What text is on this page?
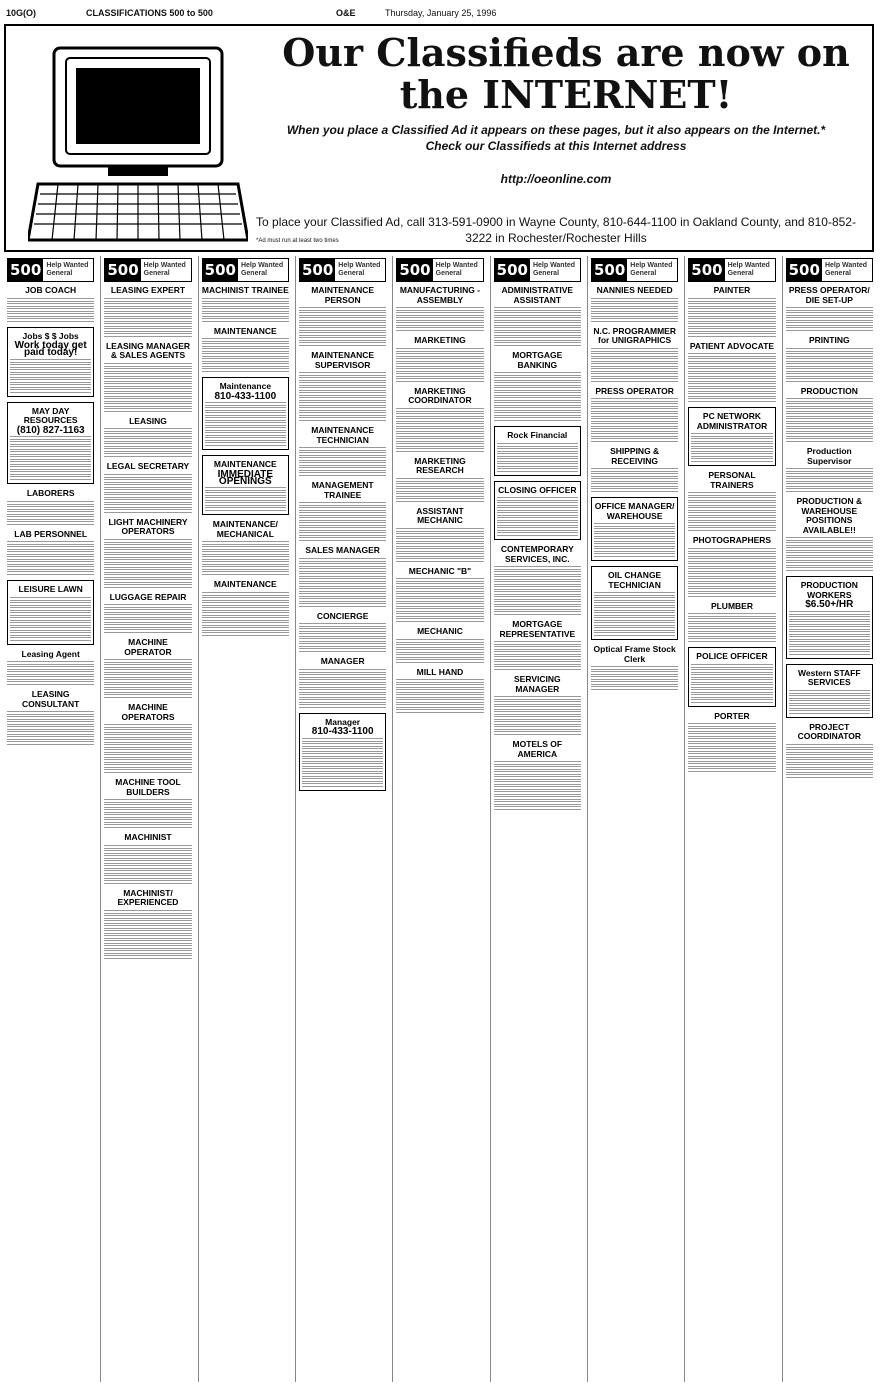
10G(O)	CLASSIFICATIONS 500 to 500	O&E	Thursday, January 25, 1996
Our Classifieds are now on
the INTERNET!
When you place a Classified Ad it appears on these pages, but it also appears on the Internet.* Check our Classifieds at this Internet address
http://oeonline.com
To place your Classified Ad, call 313-591-0900 in Wayne County, 810-644-1100 in Oakland County, and 810-852-3222 in Rochester/Rochester Hills
*Ad must run at least two times
500 Help Wanted
General
JOB COACH
Jobs $ $ Jobs
Work today get paid today!
MAY DAY RESOURCES
(810) 827-1163
LABORERS
LAB PERSONNEL
LEISURE LAWN
Leasing Agent
LEASING CONSULTANT
500 Help Wanted
General
LEASING EXPERT
LEASING MANAGER & SALES AGENTS
LEASING
LEGAL SECRETARY
LIGHT MACHINERY OPERATORS
LUGGAGE REPAIR
MACHINE OPERATOR
MACHINE OPERATORS
MACHINE TOOL BUILDERS
MACHINIST
MACHINIST/ EXPERIENCED
500 Help Wanted
General
MACHINIST TRAINEE
MAINTENANCE
Maintenance
810-433-1100
MAINTENANCE
IMMEDIATE OPENINGS
MAINTENANCE/ MECHANICAL
MAINTENANCE
500 Help Wanted
General
MAINTENANCE PERSON
MAINTENANCE SUPERVISOR
MAINTENANCE TECHNICIAN
MANAGEMENT TRAINEE
SALES MANAGER
CONCIERGE
MANAGER
Manager
810-433-1100
500 Help Wanted
General
MANUFACTURING - ASSEMBLY
MARKETING
MARKETING COORDINATOR
MARKETING RESEARCH
ASSISTANT MECHANIC
MECHANIC "B"
MECHANIC
MILL HAND
500 Help Wanted
General
ADMINISTRATIVE ASSISTANT
MORTGAGE BANKING
Rock Financial
CLOSING OFFICER
CONTEMPORARY SERVICES, INC.
MORTGAGE REPRESENTATIVE
SERVICING MANAGER
MOTELS OF AMERICA
500 Help Wanted
General
NANNIES NEEDED
N.C. PROGRAMMER for UNIGRAPHICS
PRESS OPERATOR
SHIPPING & RECEIVING
OFFICE MANAGER/ WAREHOUSE
OIL CHANGE TECHNICIAN
Optical Frame Stock Clerk
500 Help Wanted
General
PAINTER
PATIENT ADVOCATE
PC NETWORK ADMINISTRATOR
PERSONAL TRAINERS
PHOTOGRAPHERS
PLUMBER
POLICE OFFICER
PORTER
500 Help Wanted
General
PRESS OPERATOR/ DIE SET-UP
PRINTING
PRODUCTION
Production Supervisor
PRODUCTION & WAREHOUSE POSITIONS AVAILABLE!!
PRODUCTION WORKERS
$6.50+/HR
Western STAFF SERVICES
PROJECT COORDINATOR
